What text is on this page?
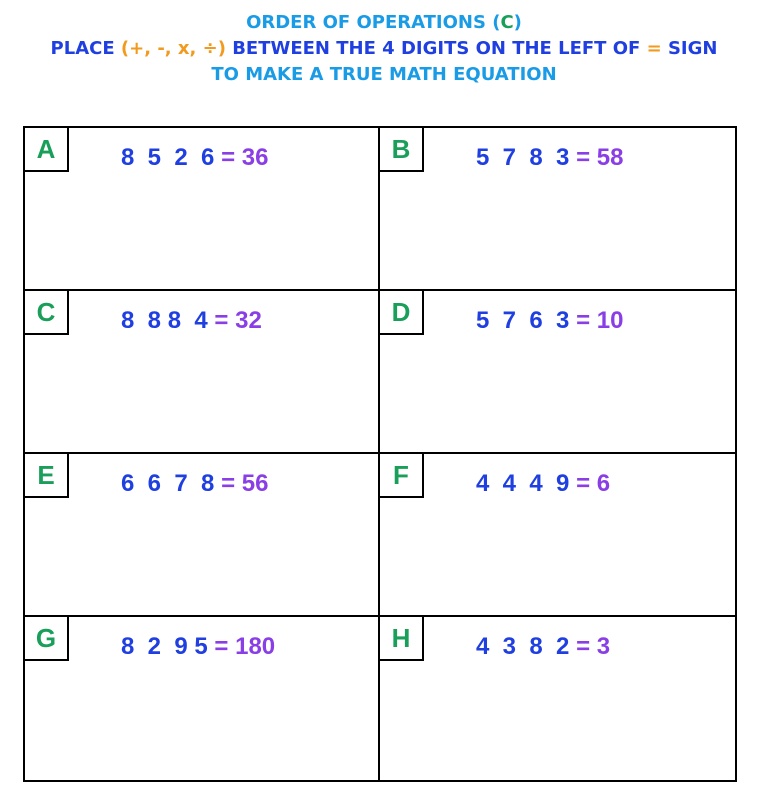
ORDER OF OPERATIONS (C)
PLACE (+, -, x, ÷) BETWEEN THE 4 DIGITS ON THE LEFT OF = SIGN
TO MAKE A TRUE MATH EQUATION
A	8  5  2  6 = 36	B	5  7  8  3 = 58
C	8  8 8  4 = 32	D	5  7  6  3 = 10
E	6  6  7  8 = 56	F	4  4  4  9 = 6
G	8  2  9 5 = 180	H	4  3  8  2 = 3
